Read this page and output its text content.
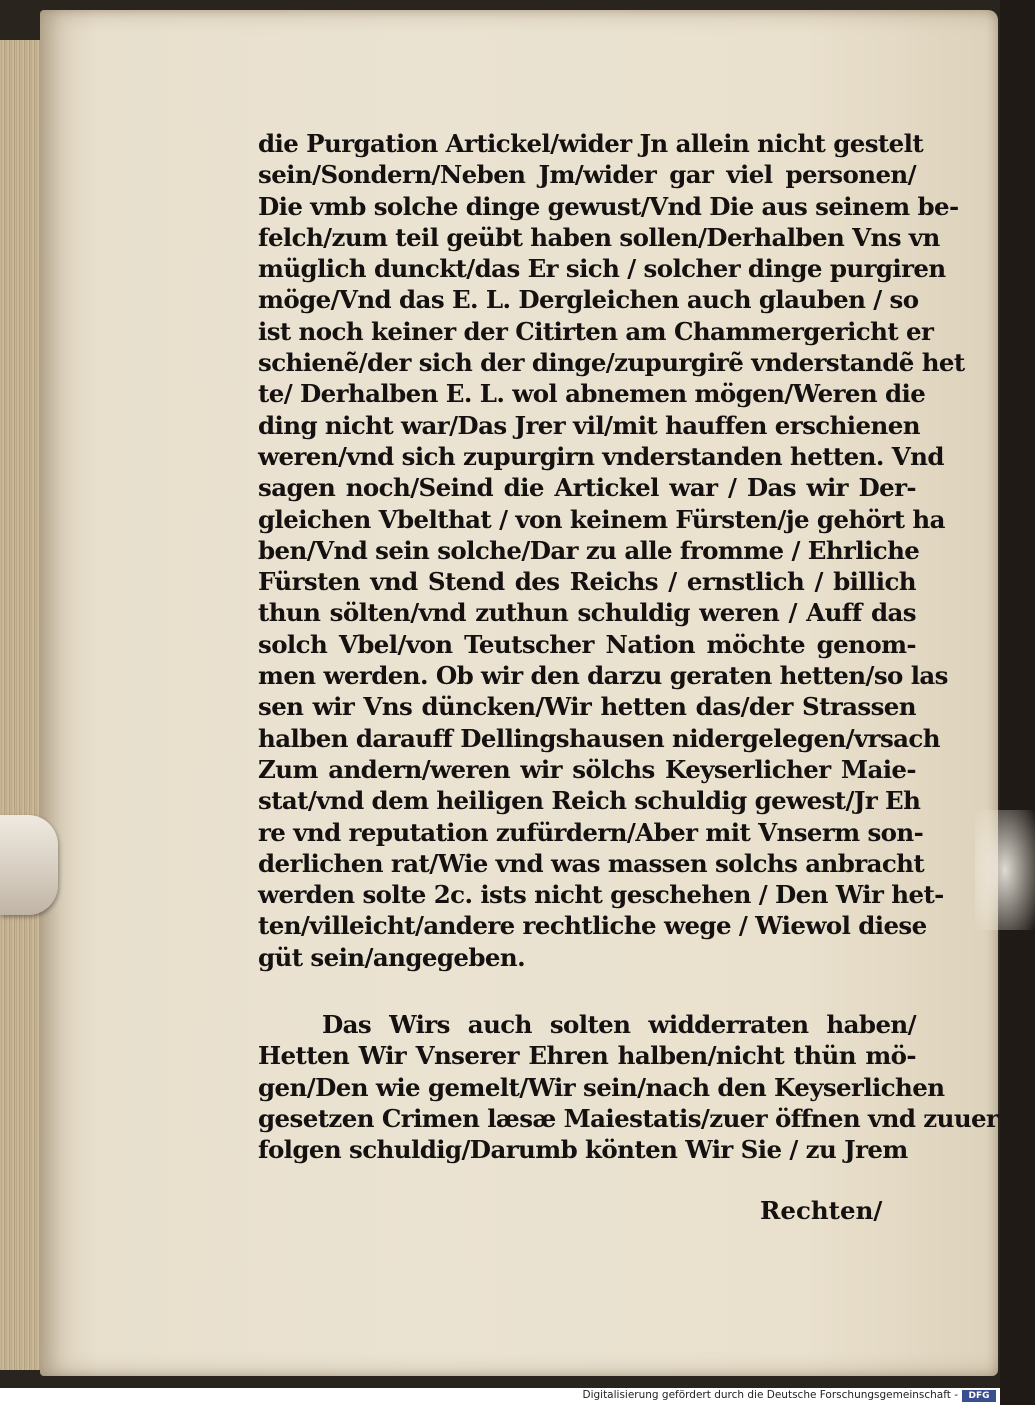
die Purgation Artickel/wider Jn allein nicht gestelt
sein/Sondern/Neben Jm/wider gar viel personen/
Die vmb solche dinge gewust/Vnd Die aus seinem be‑
felch/zum teil geübt haben sollen/Derhalben Vns vn
müglich dunckt/das Er sich / solcher dinge purgiren
möge/Vnd das E. L. Dergleichen auch glauben / so
ist noch keiner der Citirten am Chammergericht er
schienẽ/der sich der dinge/zupurgirẽ vnderstandẽ het
te/ Derhalben E. L. wol abnemen mögen/Weren die
ding nicht war/Das Jrer vil/mit hauffen erschienen
weren/vnd sich zupurgirn vnderstanden hetten. Vnd
sagen noch/Seind die Artickel war / Das wir Der‑
gleichen Vbelthat / von keinem Fürsten/je gehört ha
ben/Vnd sein solche/Dar zu alle fromme / Ehrliche
Fürsten vnd Stend des Reichs / ernstlich / billich
thun sölten/vnd zuthun schuldig weren / Auff das
solch Vbel/von Teutscher Nation möchte genom‑
men werden. Ob wir den darzu geraten hetten/so las
sen wir Vns düncken/Wir hetten das/der Strassen
halben darauff Dellingshausen nidergelegen/vrsach
Zum andern/weren wir sölchs Keyserlicher Maie‑
stat/vnd dem heiligen Reich schuldig gewest/Jr Eh
re vnd reputation zufürdern/Aber mit Vnserm son‑
derlichen rat/Wie vnd was massen solchs anbracht
werden solte 2c. ists nicht geschehen / Den Wir het‑
ten/villeicht/andere rechtliche wege / Wiewol diese
güt sein/angegeben.
Das Wirs auch solten widderraten haben/
Hetten Wir Vnserer Ehren halben/nicht thün mö‑
gen/Den wie gemelt/Wir sein/nach den Keyserlichen
gesetzen Crimen læsæ Maiestatis/zuer öffnen vnd zuuer
folgen schuldig/Darumb könten Wir Sie / zu Jrem
Rechten/
Digitalisierung gefördert durch die Deutsche Forschungsgemeinschaft -	DFG
